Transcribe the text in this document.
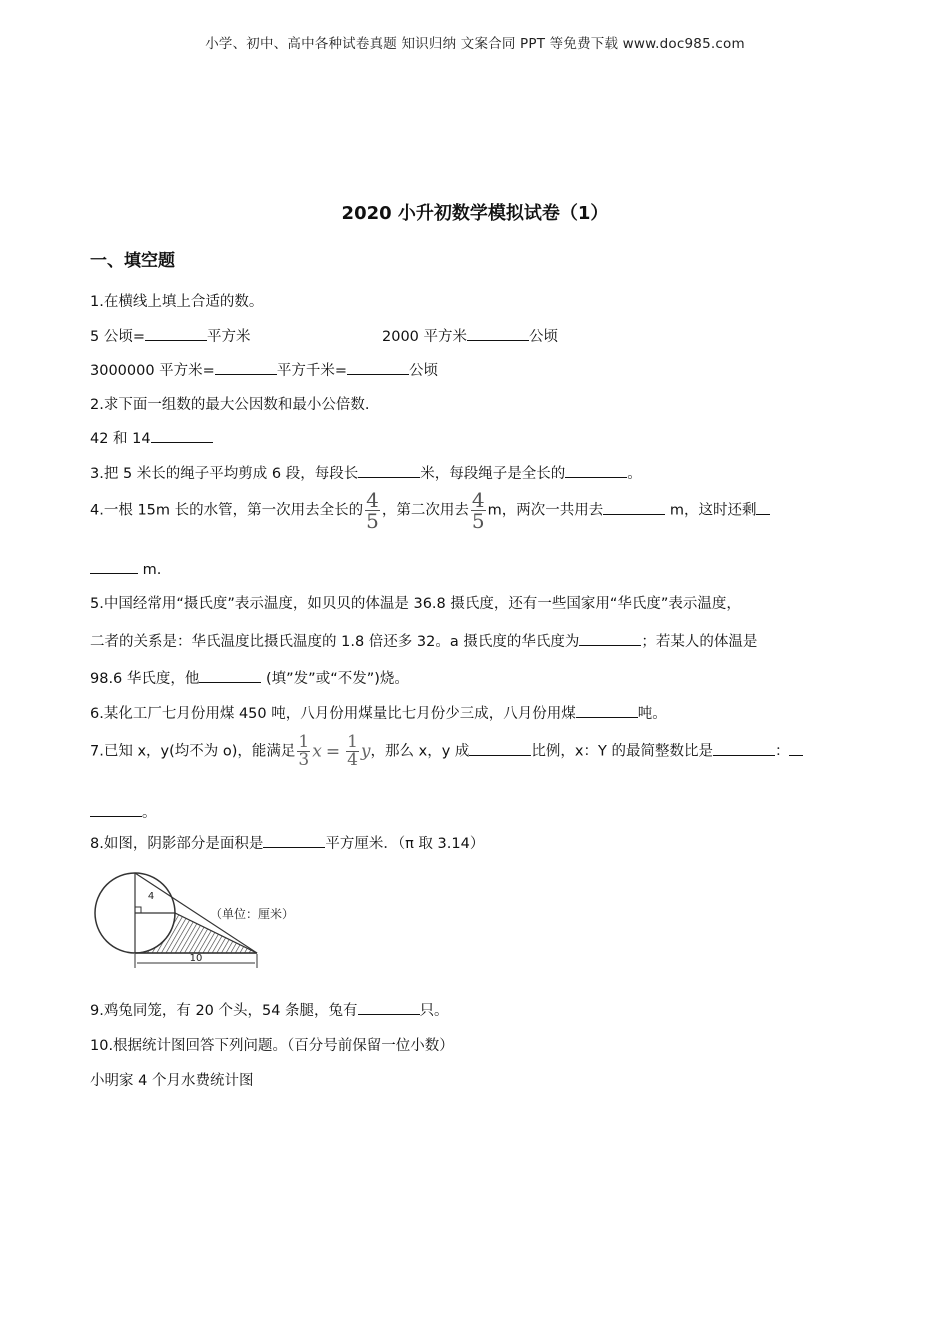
小学、初中、高中各种试卷真题 知识归纳 文案合同 PPT 等免费下载 www.doc985.com
2020 小升初数学模拟试卷（1）
一、填空题
1.在横线上填上合适的数。
5 公顷=	平方米	2000 平方米	公顷
3000000 平方米=	平方千米=	公顷
2.求下面一组数的最大公因数和最小公倍数.
42 和 14
3.把 5 米长的绳子平均剪成 6 段，每段长	米，每段绳子是全长的	。
4.一根 15m 长的水管，第一次用去全长的 $\frac{4}{5}$ ，第二次用去 $\frac{4}{5}$ m，两次一共用去	m，这时还剩
m.
5.中国经常用“摄氏度”表示温度，如贝贝的体温是 36.8 摄氏度，还有一些国家用“华氏度”表示温度，
二者的关系是：华氏温度比摄氏温度的 1.8 倍还多 32。a 摄氏度的华氏度为	；若某人的体温是
98.6 华氏度，他	(填”发”或“不发”)烧。
6.某化工厂七月份用煤 450 吨，八月份用煤量比七月份少三成，八月份用煤	吨。
7.已知 x，y(均不为 o)，能满足 $\frac{1}{3}$ $x = \frac{1}{4}$ y，那么 x，y 成	比例，x：Y 的最简整数比是	：
。
8.如图，阴影部分是面积是	平方厘米．（π 取 3.14）
10
4
（单位：厘米）
9.鸡兔同笼，有 20 个头，54 条腿，兔有	只。
10.根据统计图回答下列问题。（百分号前保留一位小数）
小明家 4 个月水费统计图
